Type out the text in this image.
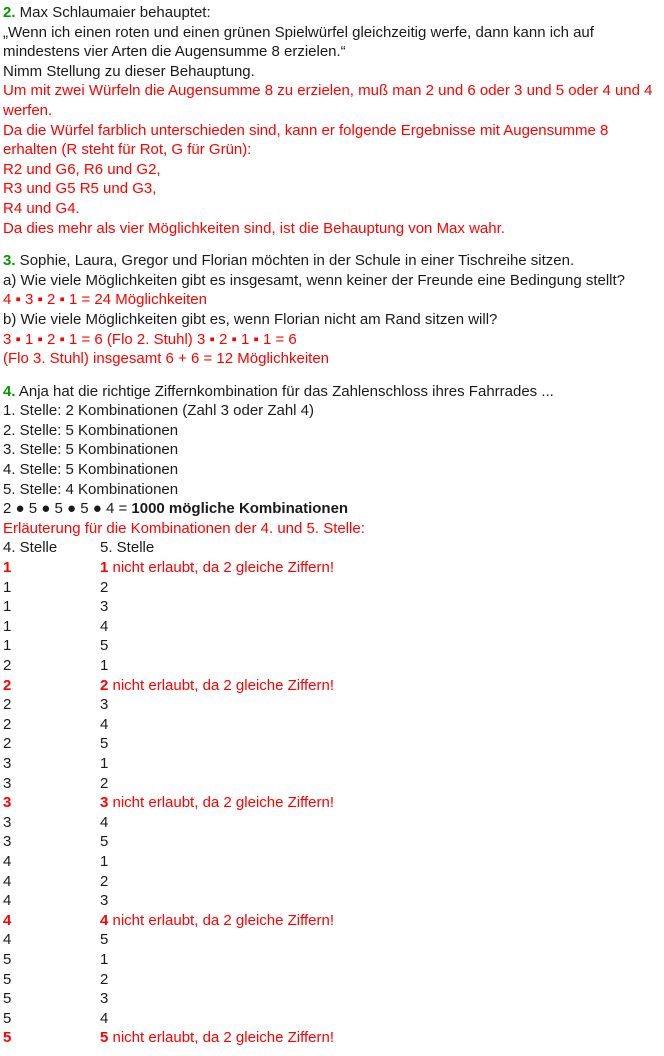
2. Max Schlaumaier behauptet:
„Wenn ich einen roten und einen grünen Spielwürfel gleichzeitig werfe, dann kann ich auf mindestens vier Arten die Augensumme 8 erzielen.“
Nimm Stellung zu dieser Behauptung.
Um mit zwei Würfeln die Augensumme 8 zu erzielen, muß man 2 und 6 oder 3 und 5 oder 4 und 4 werfen.
Da die Würfel farblich unterschieden sind, kann er folgende Ergebnisse mit Augensumme 8 erhalten (R steht für Rot, G für Grün):
R2 und G6, R6 und G2,
R3 und G5 R5 und G3,
R4 und G4.
Da dies mehr als vier Möglichkeiten sind, ist die Behauptung von Max wahr.
3. Sophie, Laura, Gregor und Florian möchten in der Schule in einer Tischreihe sitzen.
a) Wie viele Möglichkeiten gibt es insgesamt, wenn keiner der Freunde eine Bedingung stellt?
4 ▪ 3 ▪ 2 ▪ 1 = 24 Möglichkeiten
b) Wie viele Möglichkeiten gibt es, wenn Florian nicht am Rand sitzen will?
3 ▪ 1 ▪ 2 ▪ 1 = 6 (Flo 2. Stuhl) 3 ▪ 2 ▪ 1 ▪ 1 = 6
(Flo 3. Stuhl) insgesamt 6 + 6 = 12 Möglichkeiten
4. Anja hat die richtige Ziffernkombination für das Zahlenschloss ihres Fahrrades ...
1. Stelle: 2 Kombinationen (Zahl 3 oder Zahl 4)
2. Stelle: 5 Kombinationen
3. Stelle: 5 Kombinationen
4. Stelle: 5 Kombinationen
5. Stelle: 4 Kombinationen
2 ● 5 ● 5 ● 5 ● 4 = 1000 mögliche Kombinationen
Erläuterung für die Kombinationen der 4. und 5. Stelle:
4. Stelle	5. Stelle
1	1 nicht erlaubt, da 2 gleiche Ziffern!
1	2
1	3
1	4
1	5
2	1
2	2 nicht erlaubt, da 2 gleiche Ziffern!
2	3
2	4
2	5
3	1
3	2
3	3 nicht erlaubt, da 2 gleiche Ziffern!
3	4
3	5
4	1
4	2
4	3
4	4 nicht erlaubt, da 2 gleiche Ziffern!
4	5
5	1
5	2
5	3
5	4
5	5 nicht erlaubt, da 2 gleiche Ziffern!
